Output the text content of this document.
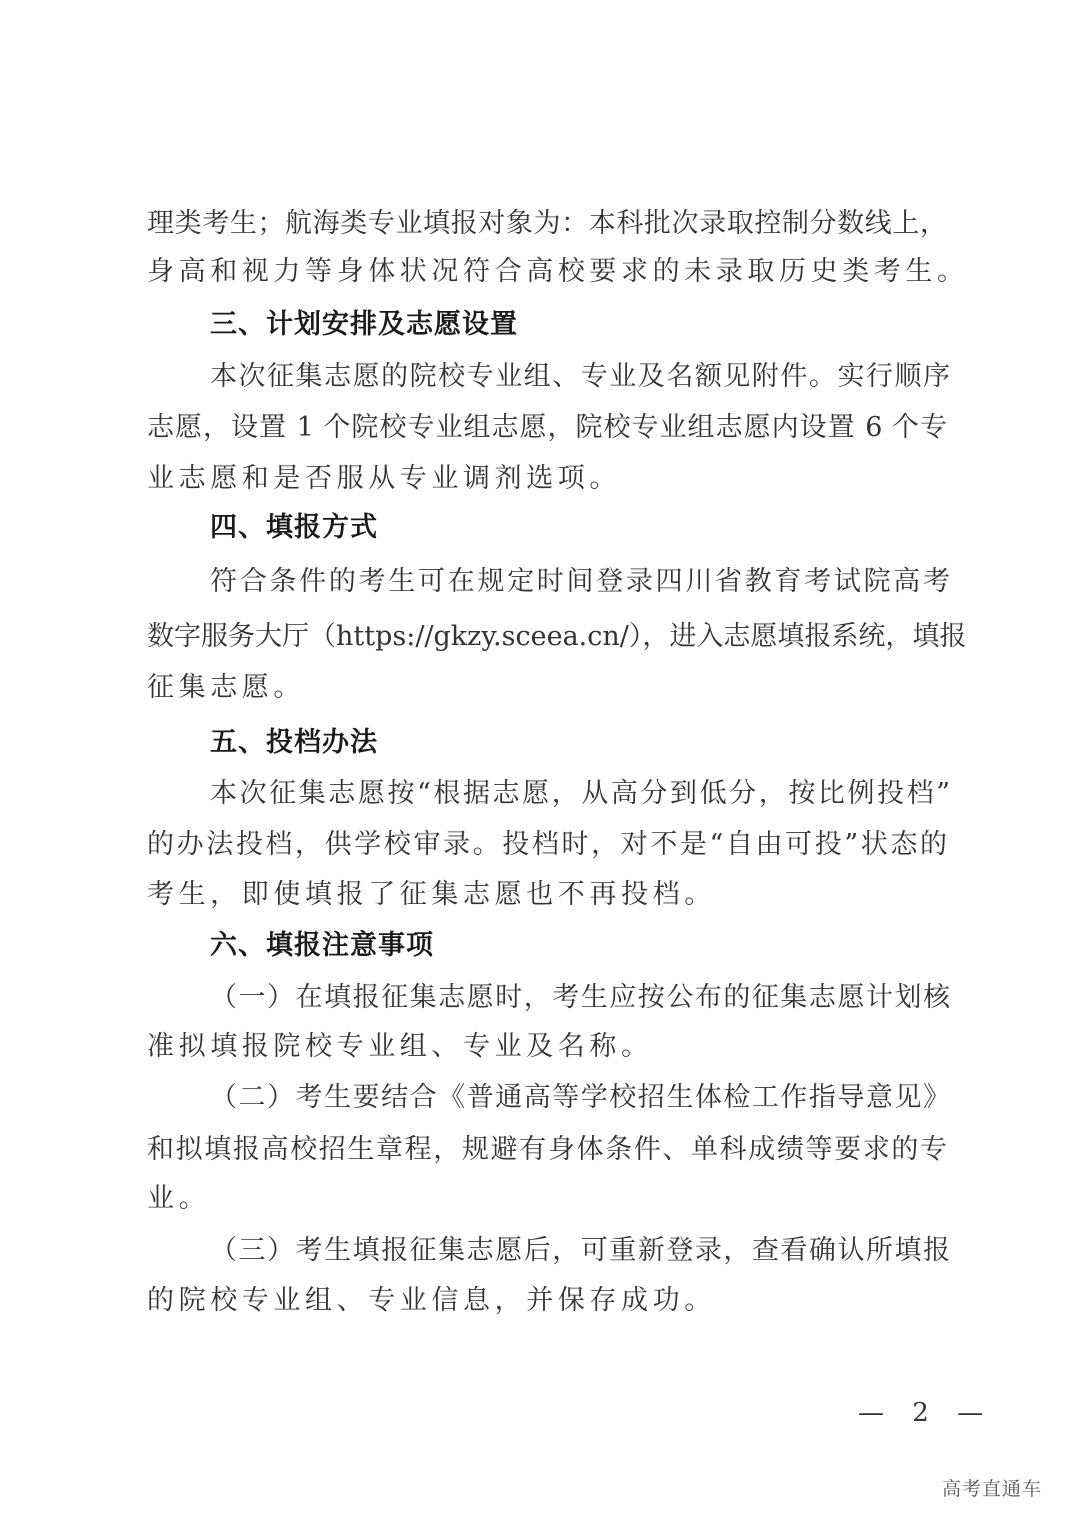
理类考生；航海类专业填报对象为：本科批次录取控制分数线上，
身高和视力等身体状况符合高校要求的未录取历史类考生。
三、计划安排及志愿设置
本次征集志愿的院校专业组、专业及名额见附件。实行顺序
志愿，设置 1 个院校专业组志愿，院校专业组志愿内设置 6 个专
业志愿和是否服从专业调剂选项。
四、填报方式
符合条件的考生可在规定时间登录四川省教育考试院高考
数字服务大厅（https://gkzy.sceea.cn/），进入志愿填报系统，填报
征集志愿。
五、投档办法
本次征集志愿按“根据志愿，从高分到低分，按比例投档”
的办法投档，供学校审录。投档时，对不是“自由可投”状态的
考生，即使填报了征集志愿也不再投档。
六、填报注意事项
（一）在填报征集志愿时，考生应按公布的征集志愿计划核
准拟填报院校专业组、专业及名称。
（二）考生要结合《普通高等学校招生体检工作指导意见》
和拟填报高校招生章程，规避有身体条件、单科成绩等要求的专
业。
（三）考生填报征集志愿后，可重新登录，查看确认所填报
的院校专业组、专业信息，并保存成功。
— 2 —
高考直通车
